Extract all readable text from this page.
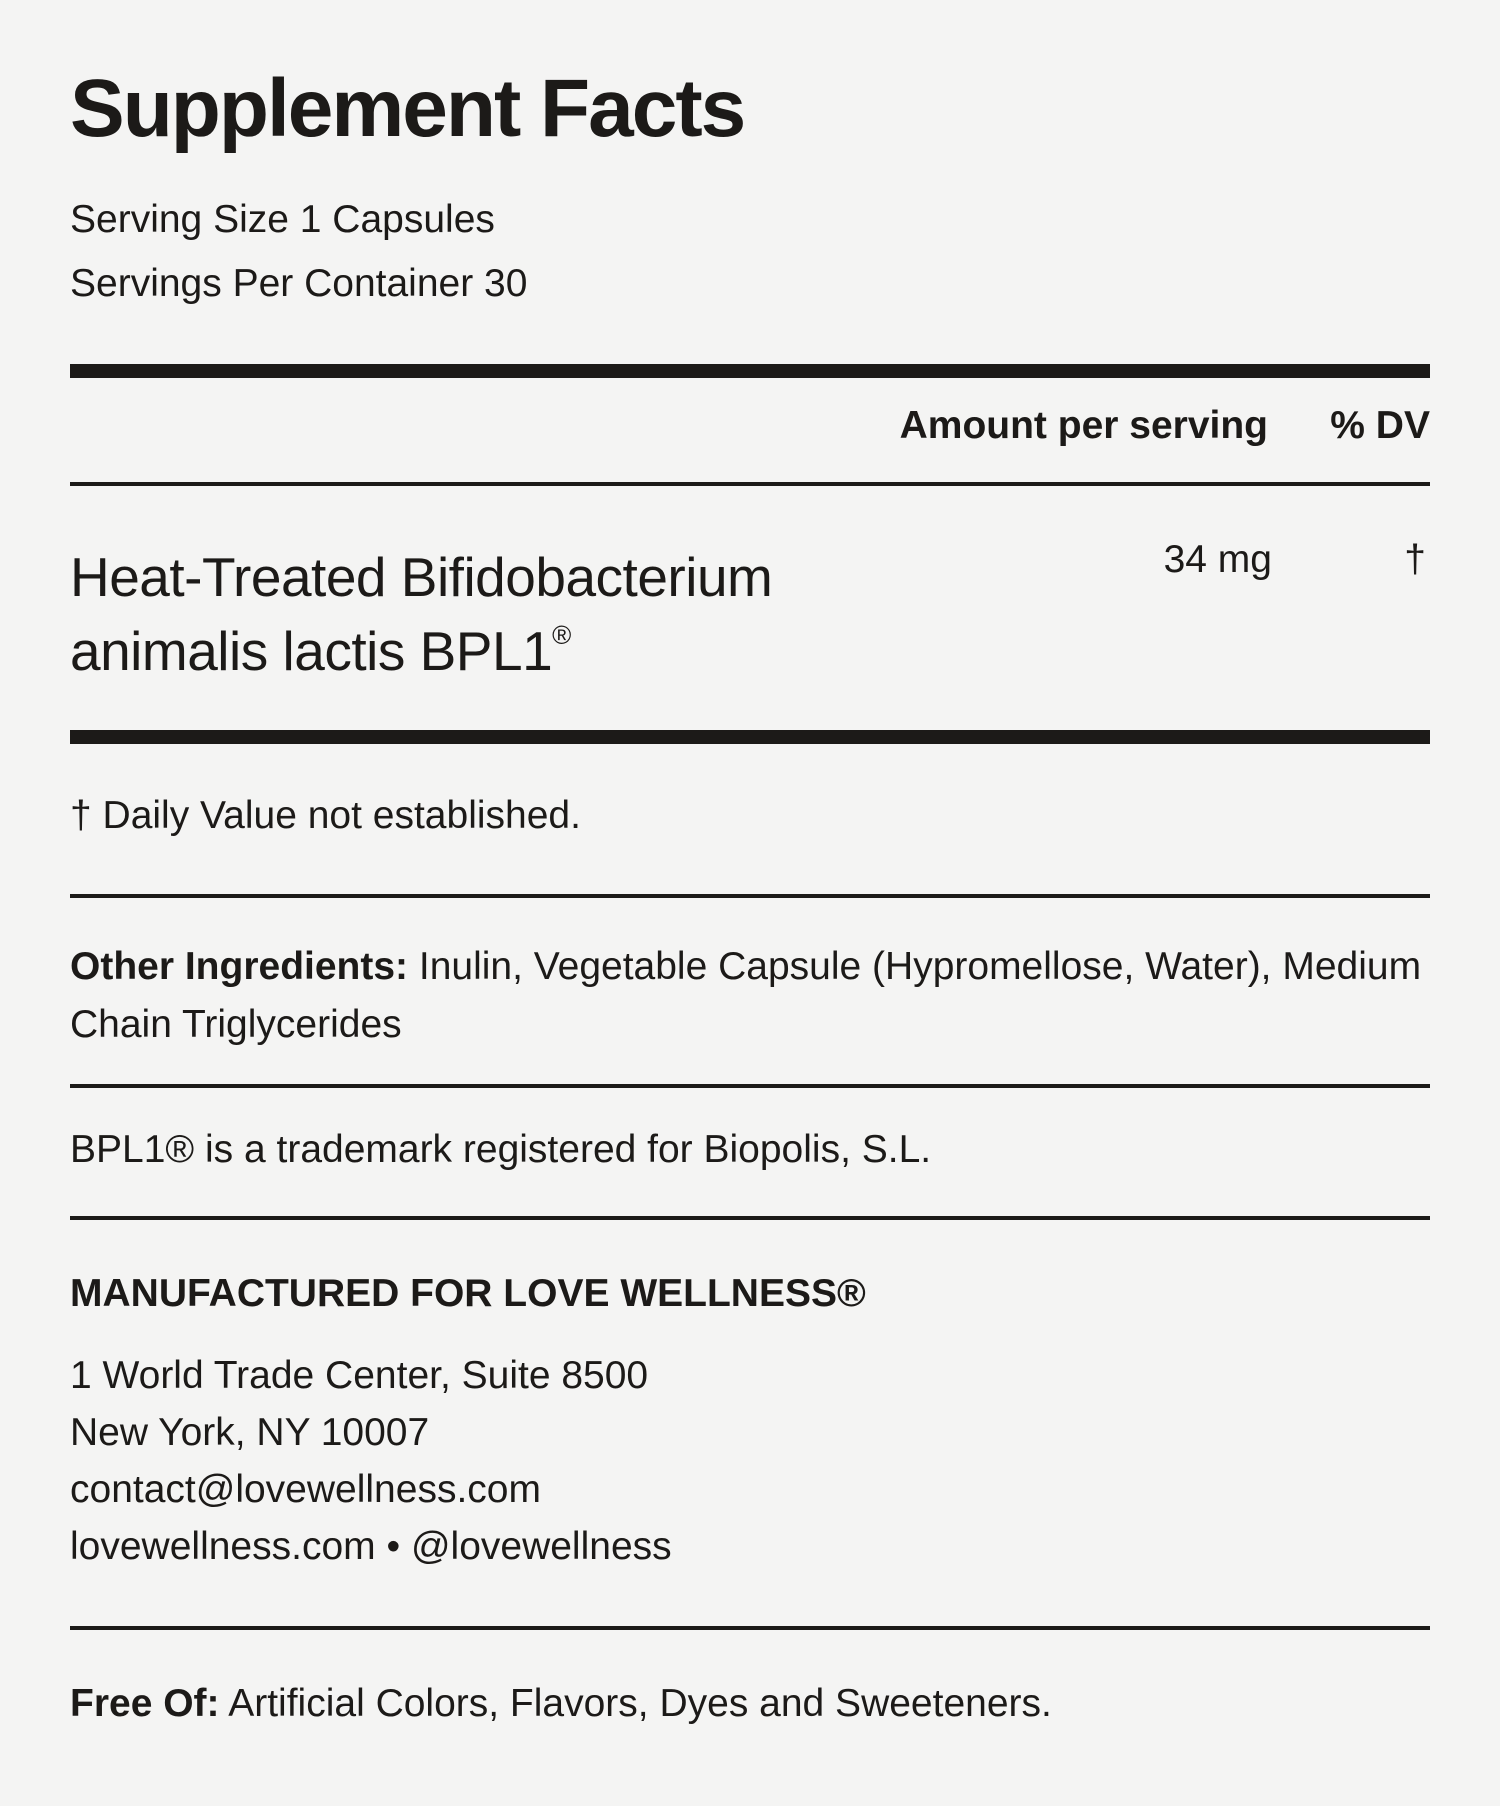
Supplement Facts
Serving Size 1 Capsules
Servings Per Container 30
Amount per serving % DV
Heat-Treated Bifidobacterium
animalis lactis BPL1®
34 mg	†
† Daily Value not established.
Other Ingredients: Inulin, Vegetable Capsule (Hypromellose, Water), Medium Chain Triglycerides
BPL1® is a trademark registered for Biopolis, S.L.
MANUFACTURED FOR LOVE WELLNESS®
1 World Trade Center, Suite 8500
New York, NY 10007
contact@lovewellness.com
lovewellness.com • @lovewellness
Free Of: Artificial Colors, Flavors, Dyes and Sweeteners.
